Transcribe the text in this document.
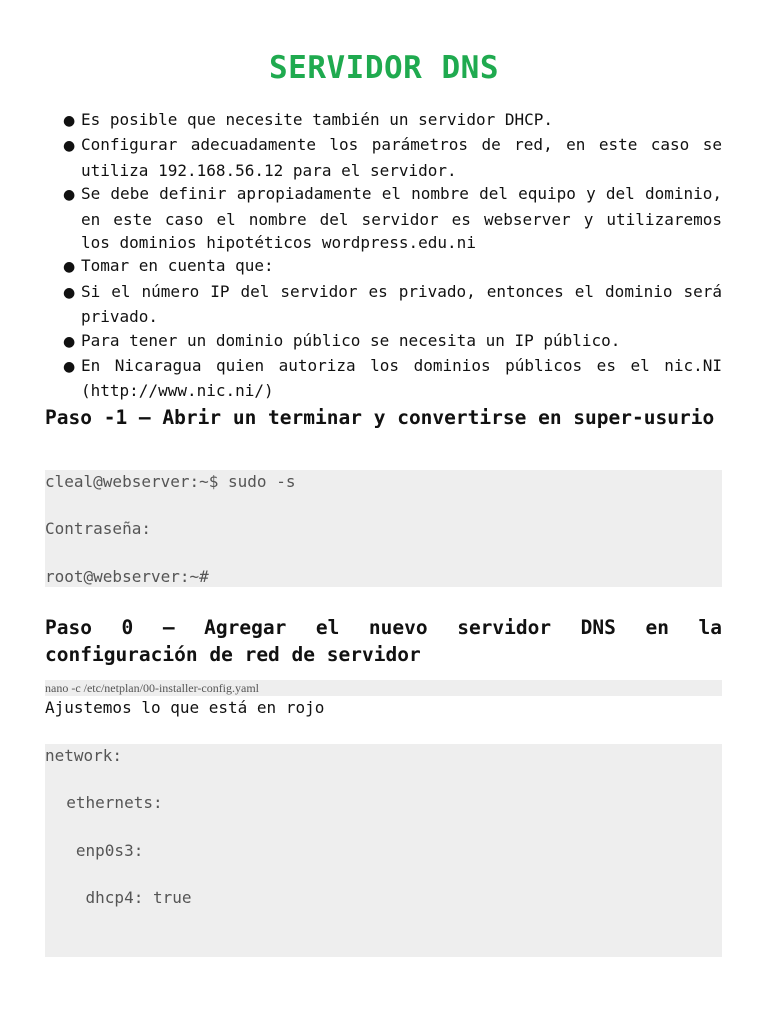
SERVIDOR DNS
● Es posible que necesite también un servidor DHCP.
● Configurar adecuadamente los parámetros de red, en este caso se utiliza 192.168.56.12 para el servidor.
● Se debe definir apropiadamente el nombre del equipo y del dominio, en este caso el nombre del servidor es webserver y utilizaremos los dominios hipotéticos wordpress.edu.ni
● Tomar en cuenta que:
● Si el número IP del servidor es privado, entonces el dominio será privado.
● Para tener un dominio público se necesita un IP público.
● En Nicaragua quien autoriza los dominios públicos es el nic.NI (http://www.nic.ni/)
Paso -1 – Abrir un terminar y convertirse en super-usurio
cleal@webserver:~$ sudo -s
Contraseña:
root@webserver:~#
Paso 0 – Agregar el nuevo servidor DNS en la configuración de red de servidor
nano -c /etc/netplan/00-installer-config.yaml
Ajustemos lo que está en rojo
network:
ethernets:
enp0s3:
dhcp4: true
